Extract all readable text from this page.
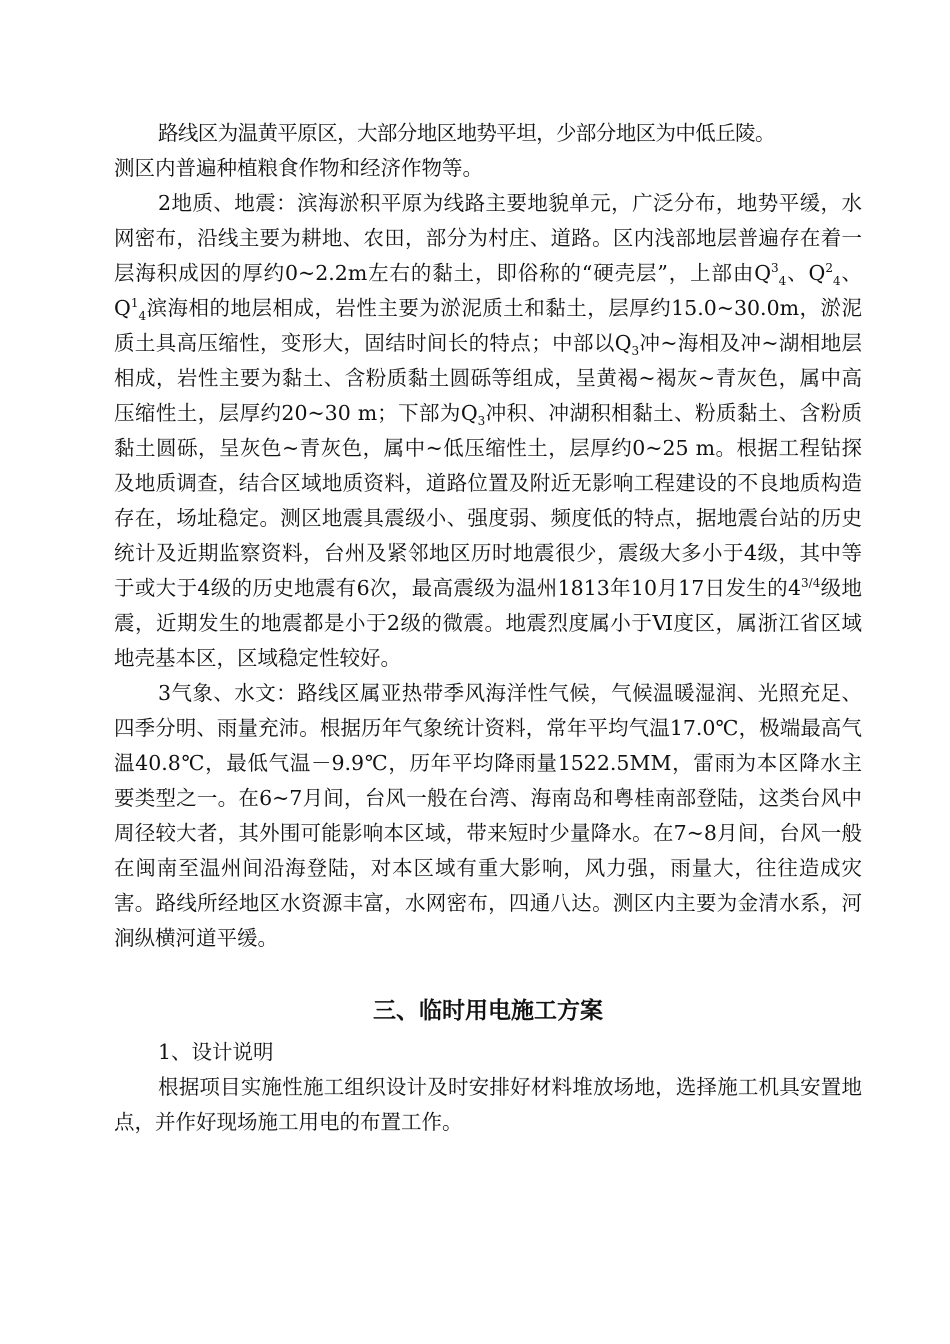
路线区为温黄平原区，大部分地区地势平坦，少部分地区为中低丘陵。

测区内普遍种植粮食作物和经济作物等。

2地质、地震：滨海淤积平原为线路主要地貌单元，广泛分布，地势平缓，水网密布，沿线主要为耕地、农田，部分为村庄、道路。区内浅部地层普遍存在着一层海积成因的厚约0~2.2m左右的黏土，即俗称的“硬壳层”，上部由$Q^3_4$、$Q^2_4$、$Q^1_4$滨海相的地层相成，岩性主要为淤泥质土和黏土，层厚约15.0~30.0m，淤泥质土具高压缩性，变形大，固结时间长的特点；中部以$Q_3$冲~海相及冲~湖相地层相成，岩性主要为黏土、含粉质黏土圆砾等组成，呈黄褐~褐灰~青灰色，属中高压缩性土，层厚约20~30 m；下部为$Q_3$冲积、冲湖积相黏土、粉质黏土、含粉质黏土圆砾，呈灰色~青灰色，属中~低压缩性土，层厚约0~25 m。根据工程钻探及地质调查，结合区域地质资料，道路位置及附近无影响工程建设的不良地质构造存在，场址稳定。测区地震具震级小、强度弱、频度低的特点，据地震台站的历史统计及近期监察资料，台州及紧邻地区历时地震很少，震级大多小于4级，其中等于或大于4级的历史地震有6次，最高震级为温州1813年10月17日发生的$4^{3/4}$级地震，近期发生的地震都是小于2级的微震。地震烈度属小于Ⅵ度区，属浙江省区域地壳基本区，区域稳定性较好。

3气象、水文：路线区属亚热带季风海洋性气候，气候温暖湿润、光照充足、四季分明、雨量充沛。根据历年气象统计资料，常年平均气温17.0℃，极端最高气温40.8℃，最低气温－9.9℃，历年平均降雨量1522.5MM，雷雨为本区降水主要类型之一。在6~7月间，台风一般在台湾、海南岛和粤桂南部登陆，这类台风中周径较大者，其外围可能影响本区域，带来短时少量降水。在7~8月间，台风一般在闽南至温州间沿海登陆，对本区域有重大影响，风力强，雨量大，往往造成灾害。路线所经地区水资源丰富，水网密布，四通八达。测区内主要为金清水系，河涧纵横河道平缓。

三、临时用电施工方案

1、设计说明

根据项目实施性施工组织设计及时安排好材料堆放场地，选择施工机具安置地点，并作好现场施工用电的布置工作。
